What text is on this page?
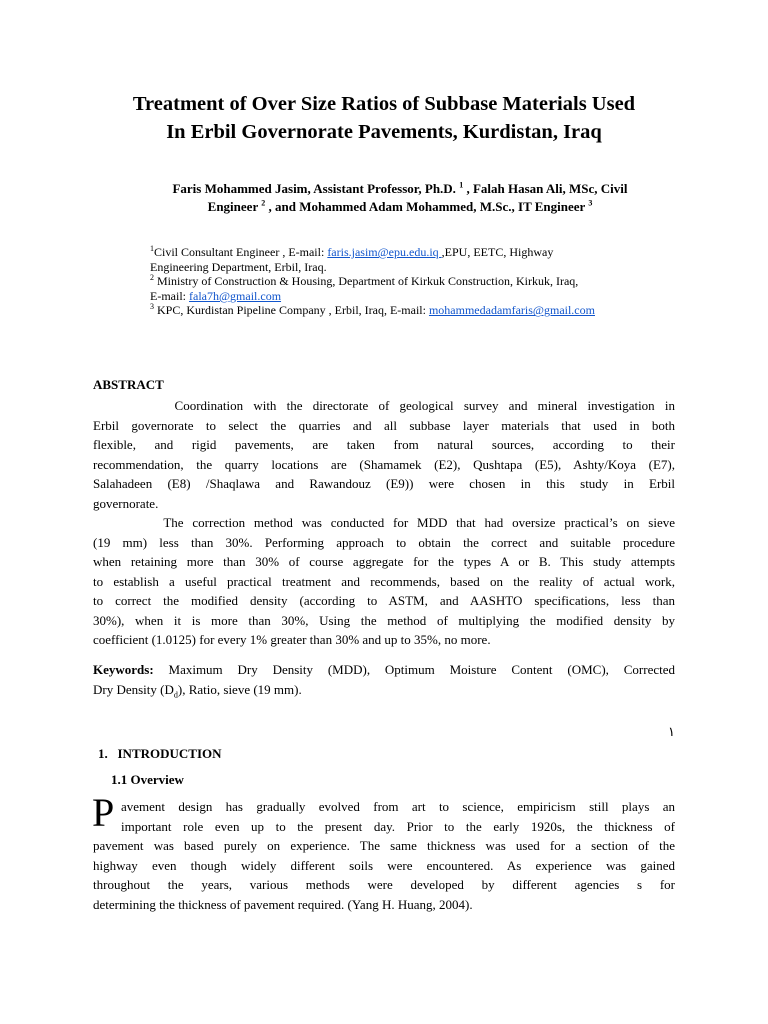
Treatment of Over Size Ratios of Subbase Materials Used
In Erbil Governorate Pavements, Kurdistan, Iraq
Faris Mohammed Jasim, Assistant Professor, Ph.D. $^1$ , Falah Hasan Ali, MSc, Civil
Engineer $^2$ , and Mohammed Adam Mohammed, M.Sc., IT Engineer $^3$
$^1$Civil Consultant Engineer , E-mail: faris.jasim@epu.edu.iq ,EPU, EETC, Highway
Engineering Department, Erbil, Iraq.
$^2$ Ministry of Construction & Housing, Department of Kirkuk Construction, Kirkuk, Iraq,
E-mail: fala7h@gmail.com
$^3$ KPC, Kurdistan Pipeline Company , Erbil, Iraq, E-mail: mohammedadamfaris@gmail.com
ABSTRACT
Coordination with the directorate of geological survey and mineral investigation in
Erbil governorate to select the quarries and all subbase layer materials that used in both
flexible, and rigid pavements, are taken from natural sources, according to their
recommendation, the quarry locations are (Shamamek (E2), Qushtapa (E5), Ashty/Koya (E7),
Salahadeen (E8) /Shaqlawa and Rawandouz (E9)) were chosen in this study in Erbil
governorate.
The correction method was conducted for MDD that had oversize practical’s on sieve
(19 mm) less than 30%. Performing approach to obtain the correct and suitable procedure
when retaining more than 30% of course aggregate for the types A or B. This study attempts
to establish a useful practical treatment and recommends, based on the reality of actual work,
to correct the modified density (according to ASTM, and AASHTO specifications, less than
30%), when it is more than 30%, Using the method of multiplying the modified density by
coefficient (1.0125) for every 1% greater than 30% and up to 35%, no more.
Keywords: Maximum Dry Density (MDD), Optimum Moisture Content (OMC), Corrected
Dry Density $(D_d)$, Ratio, sieve (19 mm).
١
1.   INTRODUCTION
1.1 Overview
P avement design has gradually evolved from art to science, empiricism still plays an
important role even up to the present day. Prior to the early 1920s, the thickness of
pavement was based purely on experience. The same thickness was used for a section of the
highway even though widely different soils were encountered. As experience was gained
throughout the years, various methods were developed by different agencies s for
determining the thickness of pavement required. (Yang H. Huang, 2004).
